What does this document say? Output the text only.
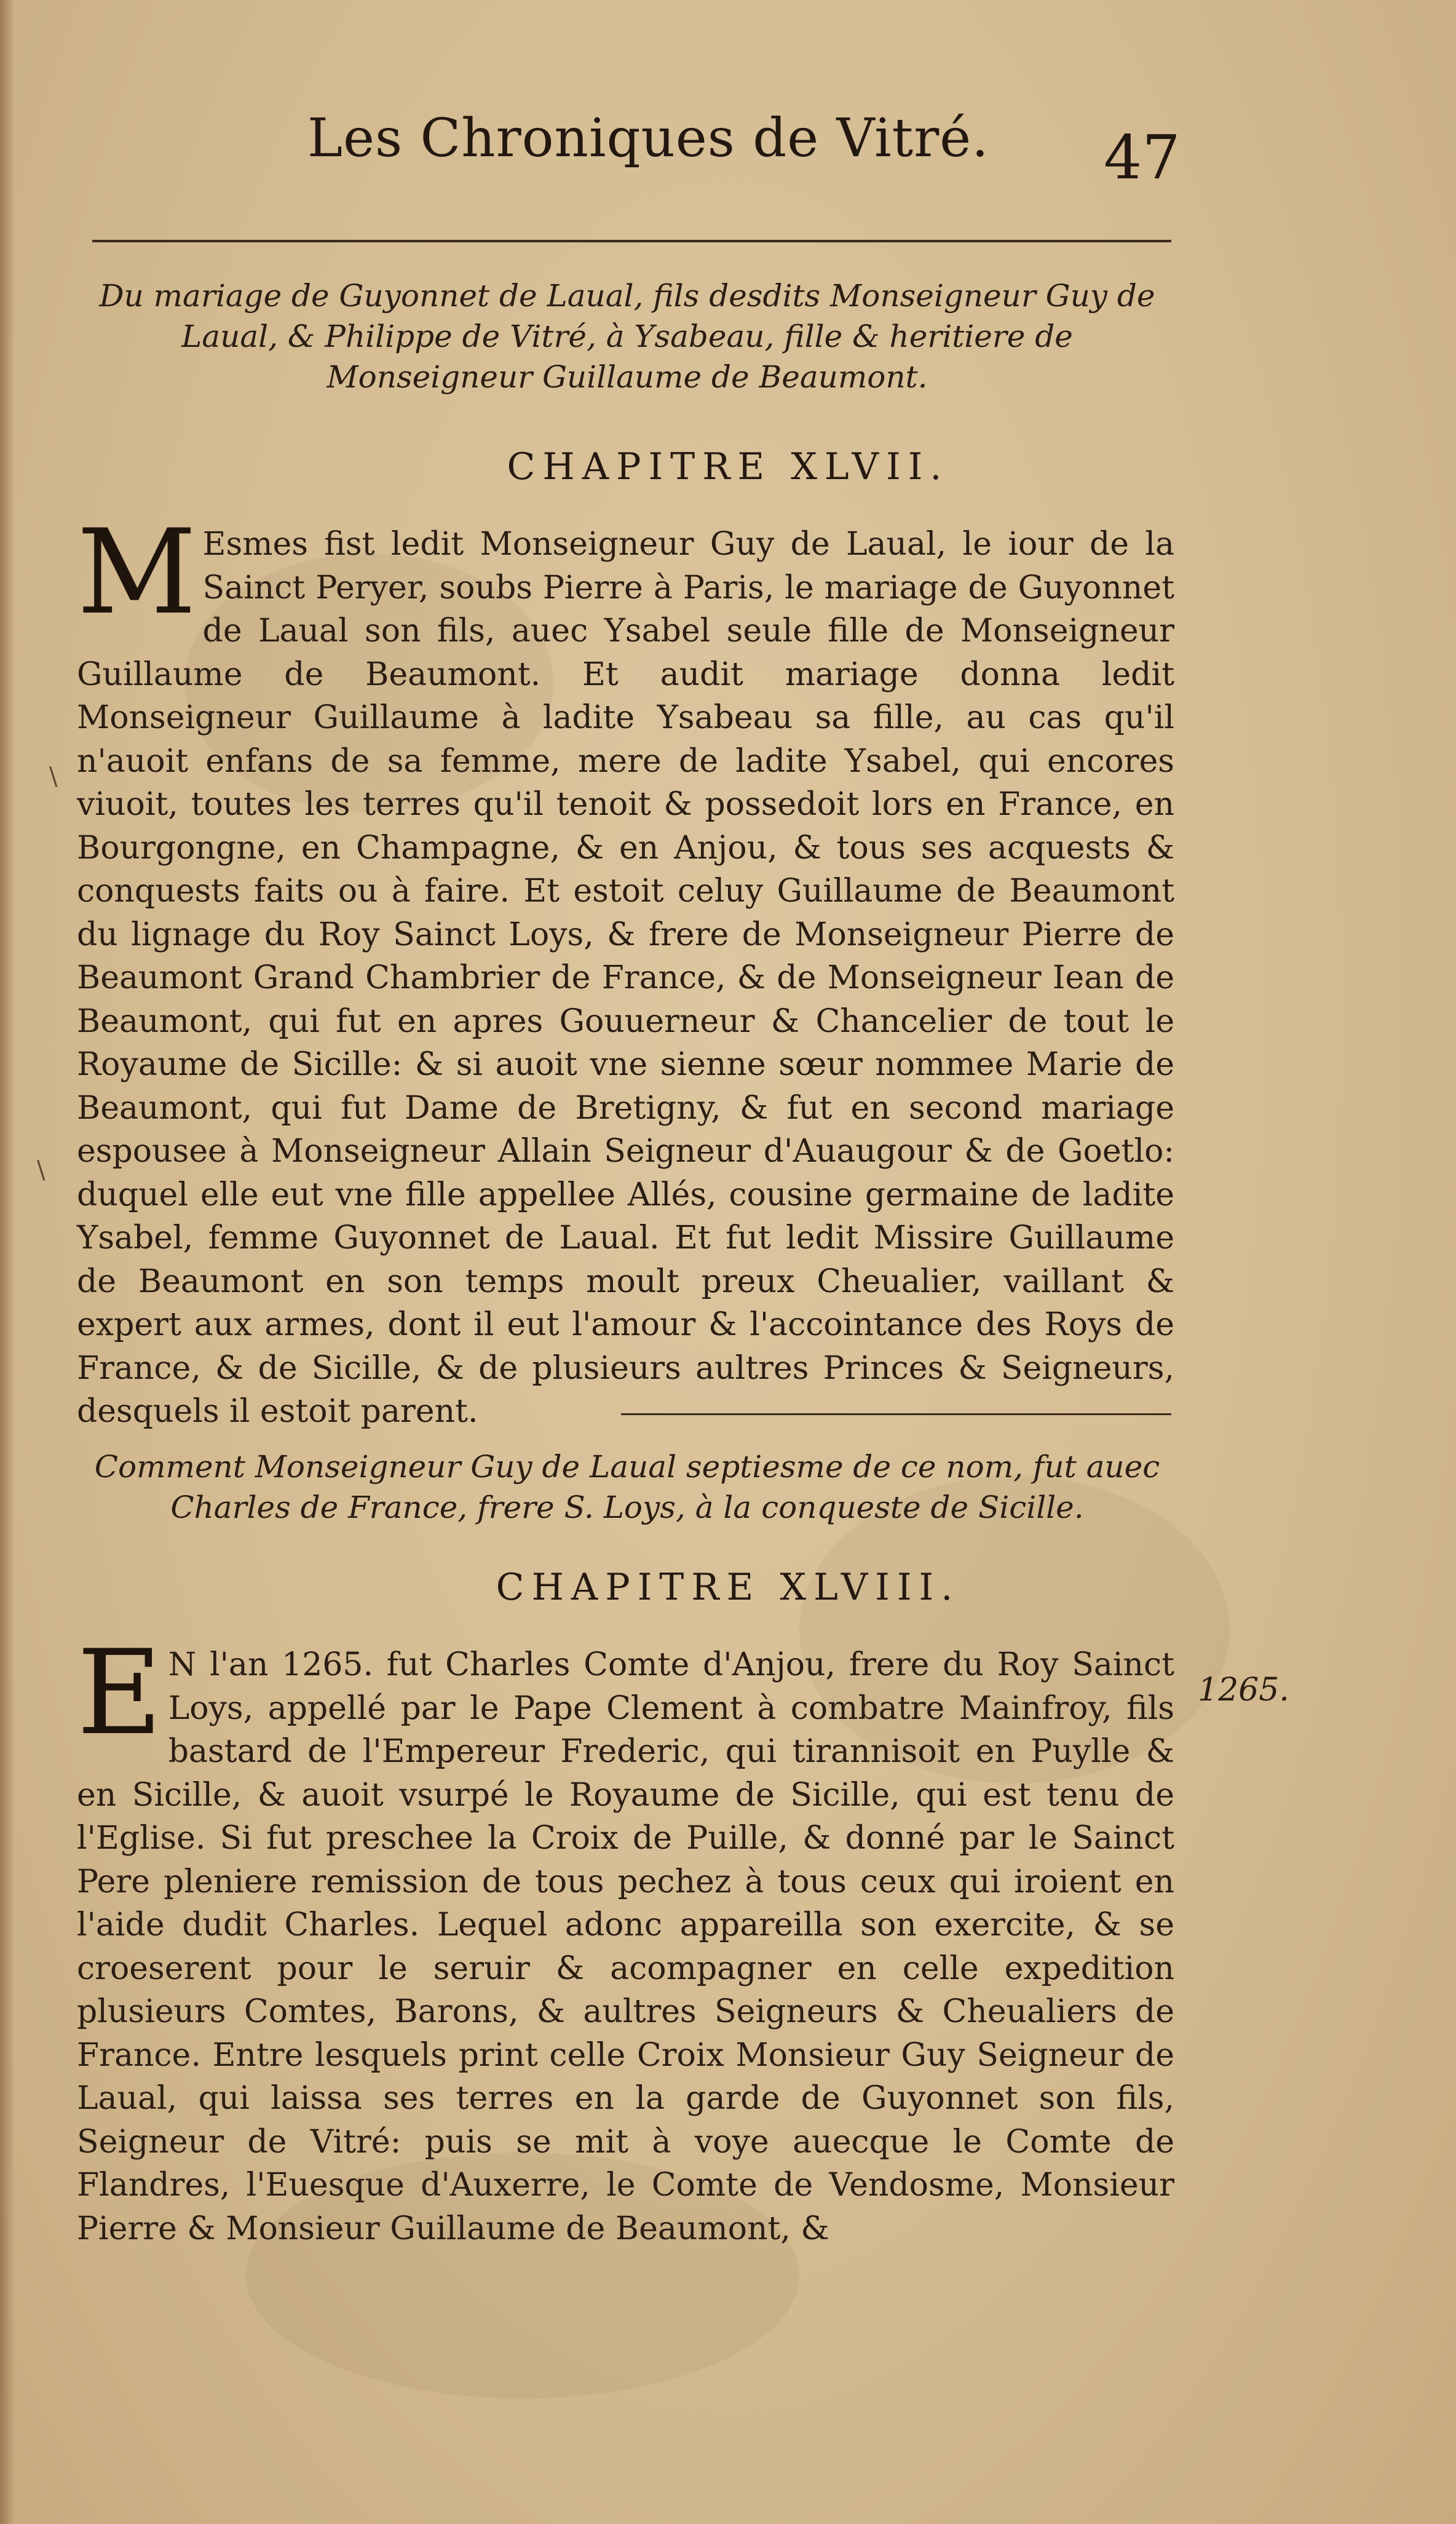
Les Chroniques de Vitré. 47
Du mariage de Guyonnet de Laual, fils desdits Monseigneur Guy de Laual, & Philippe de Vitré, à Ysabeau, fille & heritiere de Monseigneur Guillaume de Beaumont.
CHAPITRE XLVII.

M Esmes fist ledit Monseigneur Guy de Laual, le iour de la Sainct Peryer, soubs Pierre à Paris, le mariage de Guyonnet de Laual son fils, auec Ysabel seule fille de Monseigneur Guillaume de Beaumont. Et audit mariage donna ledit Monseigneur Guillaume à ladite Ysabeau sa fille, au cas qu'il n'auoit enfans de sa femme, mere de ladite Ysabel, qui encores viuoit, toutes les terres qu'il tenoit & possedoit lors en France, en Bourgongne, en Champagne, & en Anjou, & tous ses acquests & conquests faits ou à faire. Et estoit celuy Guillaume de Beaumont du lignage du Roy Sainct Loys, & frere de Monseigneur Pierre de Beaumont Grand Chambrier de France, & de Monseigneur Iean de Beaumont, qui fut en apres Gouuerneur & Chancelier de tout le Royaume de Sicille: & si auoit vne sienne sœur nommee Marie de Beaumont, qui fut Dame de Bretigny, & fut en second mariage espousee à Monseigneur Allain Seigneur d'Auaugour & de Goetlo: duquel elle eut vne fille appellee Allés, cousine germaine de ladite Ysabel, femme Guyonnet de Laual. Et fut ledit Missire Guillaume de Beaumont en son temps moult preux Cheualier, vaillant & expert aux armes, dont il eut l'amour & l'accointance des Roys de France, & de Sicille, & de plusieurs aultres Princes & Seigneurs, desquels il estoit parent.

Comment Monseigneur Guy de Laual septiesme de ce nom, fut auec Charles de France, frere S. Loys, à la conqueste de Sicille.
CHAPITRE XLVIII.

E N l'an 1265. fut Charles Comte d'Anjou, frere du Roy Sainct Loys, appellé par le Pape Clement à combatre Mainfroy, fils bastard de l'Empereur Frederic, qui tirannisoit en Puylle & en Sicille, & auoit vsurpé le Royaume de Sicille, qui est tenu de l'Eglise. Si fut preschee la Croix de Puille, & donné par le Sainct Pere pleniere remission de tous pechez à tous ceux qui iroient en l'aide dudit Charles. Lequel adonc appareilla son exercite, & se croeserent pour le seruir & acompagner en celle expedition plusieurs Comtes, Barons, & aultres Seigneurs & Cheualiers de France. Entre lesquels print celle Croix Monsieur Guy Seigneur de Laual, qui laissa ses terres en la garde de Guyonnet son fils, Seigneur de Vitré: puis se mit à voye auecque le Comte de Flandres, l'Euesque d'Auxerre, le Comte de Vendosme, Monsieur Pierre & Monsieur Guillaume de Beaumont, &

1265.
\
\
